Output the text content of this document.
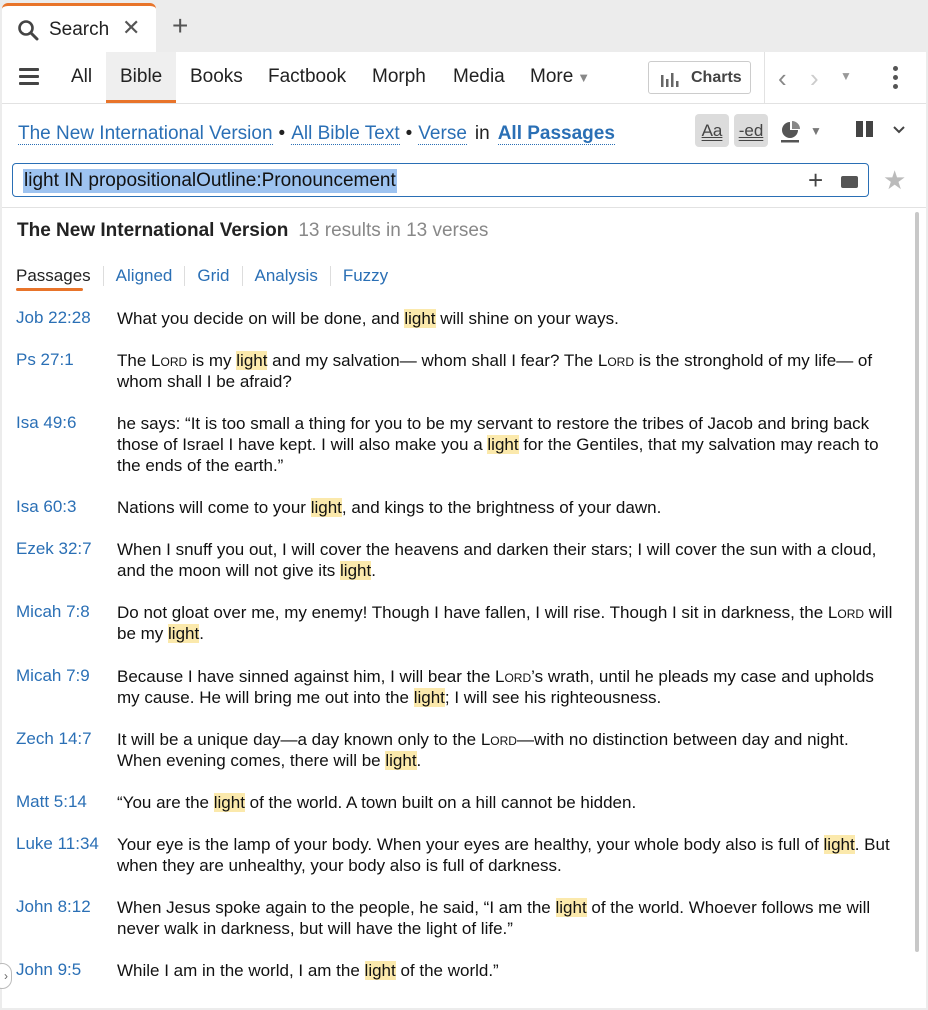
Search ✕ +
All	Bible	Books Factbook Morph Media More ▼	Charts ‹ › ▼
The New International Version • All Bible Text • Verse in All Passages	Aa -ed	▼
light IN propositionalOutline:Pronouncement	+ ★
The New International Version 13 results in 13 verses
Passages Aligned Grid Analysis Fuzzy
Job 22:28 What you decide on will be done, and light will shine on your ways.
Ps 27:1	The Lord is my light and my salvation— whom shall I fear? The Lord is the stronghold of my life— of whom shall I be afraid?
Isa 49:6 he says: “It is too small a thing for you to be my servant to restore the tribes of Jacob and bring back those of Israel I have kept. I will also make you a light for the Gentiles, that my salvation may reach to the ends of the earth.”
Isa 60:3 Nations will come to your light, and kings to the brightness of your dawn.
Ezek 32:7 When I snuff you out, I will cover the heavens and darken their stars; I will cover the sun with a cloud, and the moon will not give its light.
Micah 7:8 Do not gloat over me, my enemy! Though I have fallen, I will rise. Though I sit in darkness, the Lord will be my light.
Micah 7:9 Because I have sinned against him, I will bear the Lord’s wrath, until he pleads my case and upholds my cause. He will bring me out into the light; I will see his righteousness.
Zech 14:7 It will be a unique day—a day known only to the Lord—with no distinction between day and night. When evening comes, there will be light.
Matt 5:14 “You are the light of the world. A town built on a hill cannot be hidden.
Luke 11:34 Your eye is the lamp of your body. When your eyes are healthy, your whole body also is full of light. But when they are unhealthy, your body also is full of darkness.
John 8:12 When Jesus spoke again to the people, he said, “I am the light of the world. Whoever follows me will never walk in darkness, but will have the light of life.”
John 9:5 While I am in the world, I am the light of the world.”
›
